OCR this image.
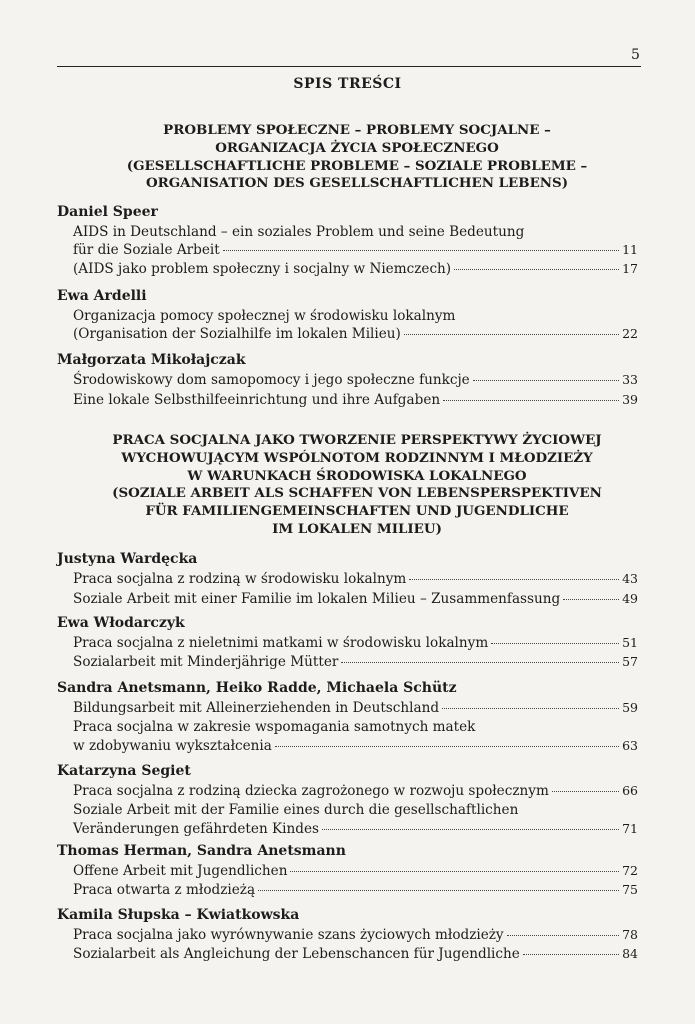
5
SPIS TREŚCI
PROBLEMY SPOŁECZNE – PROBLEMY SOCJALNE –
ORGANIZACJA ŻYCIA SPOŁECZNEGO
(GESELLSCHAFTLICHE PROBLEME – SOZIALE PROBLEME –
ORGANISATION DES GESELLSCHAFTLICHEN LEBENS)
Daniel Speer
AIDS in Deutschland – ein soziales Problem und seine Bedeutung
für die Soziale Arbeit	11
(AIDS jako problem społeczny i socjalny w Niemczech)	17
Ewa Ardelli
Organizacja pomocy społecznej w środowisku lokalnym
(Organisation der Sozialhilfe im lokalen Milieu)	22
Małgorzata Mikołajczak
Środowiskowy dom samopomocy i jego społeczne funkcje	33
Eine lokale Selbsthilfeeinrichtung und ihre Aufgaben	39
PRACA SOCJALNA JAKO TWORZENIE PERSPEKTYWY ŻYCIOWEJ
WYCHOWUJĄCYM WSPÓLNOTOM RODZINNYM I MŁODZIEŻY
W WARUNKACH ŚRODOWISKA LOKALNEGO
(SOZIALE ARBEIT ALS SCHAFFEN VON LEBENSPERSPEKTIVEN
FÜR FAMILIENGEMEINSCHAFTEN UND JUGENDLICHE
IM LOKALEN MILIEU)
Justyna Wardęcka
Praca socjalna z rodziną w środowisku lokalnym	43
Soziale Arbeit mit einer Familie im lokalen Milieu – Zusammenfassung	49
Ewa Włodarczyk
Praca socjalna z nieletnimi matkami w środowisku lokalnym	51
Sozialarbeit mit Minderjährige Mütter	57
Sandra Anetsmann, Heiko Radde, Michaela Schütz
Bildungsarbeit mit Alleinerziehenden in Deutschland	59
Praca socjalna w zakresie wspomagania samotnych matek
w zdobywaniu wykształcenia	63
Katarzyna Segiet
Praca socjalna z rodziną dziecka zagrożonego w rozwoju społecznym	66
Soziale Arbeit mit der Familie eines durch die gesellschaftlichen
Veränderungen gefährdeten Kindes	71
Thomas Herman, Sandra Anetsmann
Offene Arbeit mit Jugendlichen	72
Praca otwarta z młodzieżą	75
Kamila Słupska – Kwiatkowska
Praca socjalna jako wyrównywanie szans życiowych młodzieży	78
Sozialarbeit als Angleichung der Lebenschancen für Jugendliche	84
